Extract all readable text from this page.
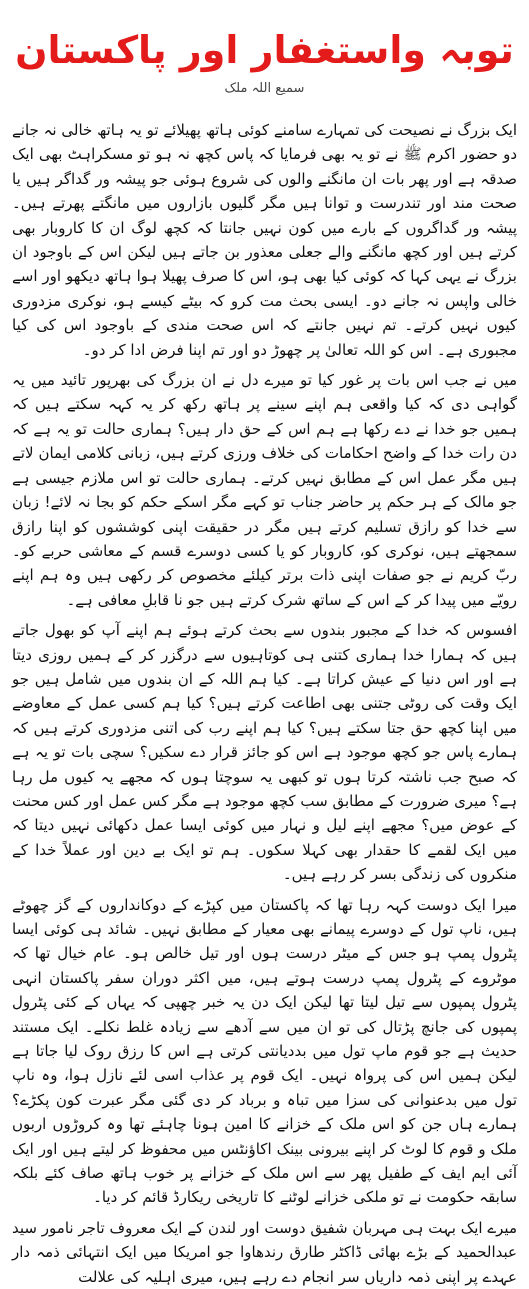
توبہ واستغفار اور پاکستان
سمیع اللہ ملک

ایک بزرگ نے نصیحت کی تمہارے سامنے کوئی ہاتھ پھیلائے تو یہ ہاتھ خالی نہ جانے دو حضور اکرم ﷺ نے تو یہ بھی فرمایا کہ پاس کچھ نہ ہو تو مسکراہٹ بھی ایک صدقہ ہے اور پھر بات ان مانگنے والوں کی شروع ہوئی جو پیشہ ور گداگر ہیں یا صحت مند اور تندرست و توانا ہیں مگر گلیوں بازاروں میں مانگتے پھرتے ہیں۔ پیشہ ور گداگروں کے بارے میں کون نہیں جانتا کہ کچھ لوگ ان کا کاروبار بھی کرتے ہیں اور کچھ مانگنے والے جعلی معذور بن جاتے ہیں لیکن اس کے باوجود ان بزرگ نے یہی کہا کہ کوئی کیا بھی ہو، اس کا صرف پھیلا ہوا ہاتھ دیکھو اور اسے خالی واپس نہ جانے دو۔ ایسی بحث مت کرو کہ بیٹے کیسے ہو، نوکری مزدوری کیوں نہیں کرتے۔ تم نہیں جانتے کہ اس صحت مندی کے باوجود اس کی کیا مجبوری ہے۔ اس کو اللہ تعالیٰ پر چھوڑ دو اور تم اپنا فرض ادا کر دو۔

میں نے جب اس بات پر غور کیا تو میرے دل نے ان بزرگ کی بھرپور تائید میں یہ گواہی دی کہ کیا واقعی ہم اپنے سینے پر ہاتھ رکھ کر یہ کہہ سکتے ہیں کہ ہمیں جو خدا نے دے رکھا ہے ہم اس کے حق دار ہیں؟ ہماری حالت تو یہ ہے کہ دن رات خدا کے واضح احکامات کی خلاف ورزی کرتے ہیں، زبانی کلامی ایمان لاتے ہیں مگر عمل اس کے مطابق نہیں کرتے۔ ہماری حالت تو اس ملازم جیسی ہے جو مالک کے ہر حکم پر حاضر جناب تو کہے مگر اسکے حکم کو بجا نہ لائے! زبان سے خدا کو رازق تسلیم کرتے ہیں مگر در حقیقت اپنی کوششوں کو اپنا رازق سمجھتے ہیں، نوکری کو، کاروبار کو یا کسی دوسرے قسم کے معاشی حربے کو۔ ربّ کریم نے جو صفات اپنی ذات برتر کیلئے مخصوص کر رکھی ہیں وہ ہم اپنے رویّے میں پیدا کر کے اس کے ساتھ شرک کرتے ہیں جو نا قابلِ معافی ہے۔

افسوس کہ خدا کے مجبور بندوں سے بحث کرتے ہوئے ہم اپنے آپ کو بھول جاتے ہیں کہ ہمارا خدا ہماری کتنی ہی کوتاہیوں سے درگزر کر کے ہمیں روزی دیتا ہے اور اس دنیا کے عیش کراتا ہے۔ کیا ہم اللہ کے ان بندوں میں شامل ہیں جو ایک وقت کی روٹی جتنی بھی اطاعت کرتے ہیں؟ کیا ہم کسی عمل کے معاوضے میں اپنا کچھ حق جتا سکتے ہیں؟ کیا ہم اپنے رب کی اتنی مزدوری کرتے ہیں کہ ہمارے پاس جو کچھ موجود ہے اس کو جائز قرار دے سکیں؟ سچی بات تو یہ ہے کہ صبح جب ناشتہ کرتا ہوں تو کبھی یہ سوچتا ہوں کہ مجھے یہ کیوں مل رہا ہے؟ میری ضرورت کے مطابق سب کچھ موجود ہے مگر کس عمل اور کس محنت کے عوض میں؟ مجھے اپنے لیل و نہار میں کوئی ایسا عمل دکھائی نہیں دیتا کہ میں ایک لقمے کا حقدار بھی کہلا سکوں۔ ہم تو ایک بے دین اور عملاً خدا کے منکروں کی زندگی بسر کر رہے ہیں۔

میرا ایک دوست کہہ رہا تھا کہ پاکستان میں کپڑے کے دوکانداروں کے گز چھوٹے ہیں، ناپ تول کے دوسرے پیمانے بھی معیار کے مطابق نہیں۔ شائد ہی کوئی ایسا پٹرول پمپ ہو جس کے میٹر درست ہوں اور تیل خالص ہو۔ عام خیال تھا کہ موٹروے کے پٹرول پمپ درست ہوتے ہیں، میں اکثر دوران سفر پاکستان انہی پٹرول پمپوں سے تیل لیتا تھا لیکن ایک دن یہ خبر چھپی کہ یہاں کے کئی پٹرول پمپوں کی جانچ پڑتال کی تو ان میں سے آدھے سے زیادہ غلط نکلے۔ ایک مستند حدیث ہے جو قوم ماپ تول میں بددیانتی کرتی ہے اس کا رزق روک لیا جاتا ہے لیکن ہمیں اس کی پرواہ نہیں۔ ایک قوم پر عذاب اسی لئے نازل ہوا، وہ ناپ تول میں بدعنوانی کی سزا میں تباہ و برباد کر دی گئی مگر عبرت کون پکڑے؟ ہمارے ہاں جن کو اس ملک کے خزانے کا امین ہونا چاہئے تھا وہ کروڑوں اربوں ملک و قوم کا لوٹ کر اپنے بیرونی بینک اکاؤنٹس میں محفوظ کر لیتے ہیں اور ایک آئی ایم ایف کے طفیل پھر سے اس ملک کے خزانے پر خوب ہاتھ صاف کئے بلکہ سابقہ حکومت نے تو ملکی خزانے لوٹنے کا تاریخی ریکارڈ قائم کر دیا۔

میرے ایک بہت ہی مہربان شفیق دوست اور لندن کے ایک معروف تاجر نامور سید عبدالحمید کے بڑے بھائی ڈاکٹر طارق رندھاوا جو امریکا میں ایک انتہائی ذمہ دار عہدے پر اپنی ذمہ داریاں سر انجام دے رہے ہیں، میری اہلیہ کی علالت
